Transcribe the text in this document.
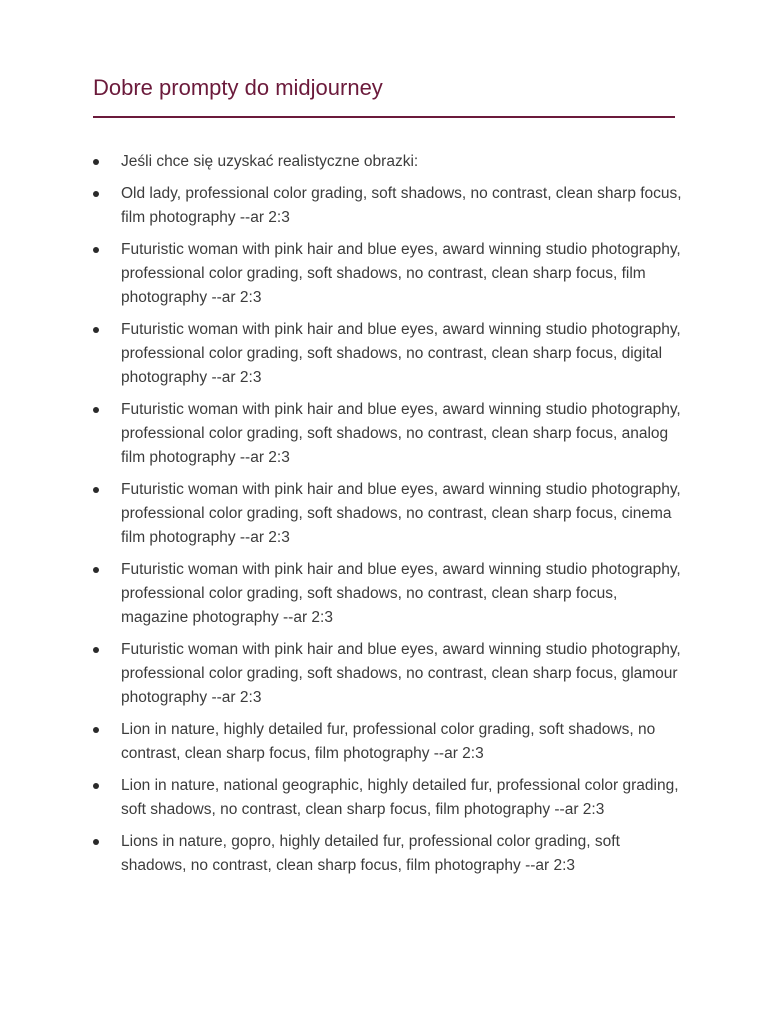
Dobre prompty do midjourney
Jeśli chce się uzyskać realistyczne obrazki:
Old lady, professional color grading, soft shadows, no contrast, clean sharp focus, film photography --ar 2:3
Futuristic woman with pink hair and blue eyes, award winning studio photography, professional color grading, soft shadows, no contrast, clean sharp focus, film photography --ar 2:3
Futuristic woman with pink hair and blue eyes, award winning studio photography, professional color grading, soft shadows, no contrast, clean sharp focus, digital photography --ar 2:3
Futuristic woman with pink hair and blue eyes, award winning studio photography, professional color grading, soft shadows, no contrast, clean sharp focus, analog film photography --ar 2:3
Futuristic woman with pink hair and blue eyes, award winning studio photography, professional color grading, soft shadows, no contrast, clean sharp focus, cinema film photography --ar 2:3
Futuristic woman with pink hair and blue eyes, award winning studio photography, professional color grading, soft shadows, no contrast, clean sharp focus, magazine photography --ar 2:3
Futuristic woman with pink hair and blue eyes, award winning studio photography, professional color grading, soft shadows, no contrast, clean sharp focus, glamour photography --ar 2:3
Lion in nature, highly detailed fur, professional color grading, soft shadows, no contrast, clean sharp focus, film photography --ar 2:3
Lion in nature, national geographic, highly detailed fur, professional color grading, soft shadows, no contrast, clean sharp focus, film photography --ar 2:3
Lions in nature, gopro, highly detailed fur, professional color grading, soft shadows, no contrast, clean sharp focus, film photography --ar 2:3
